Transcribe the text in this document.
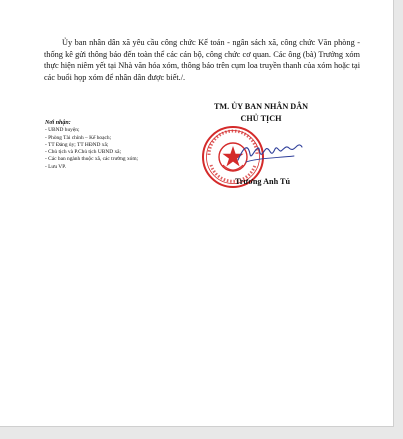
Ủy ban nhân dân xã yêu cầu công chức Kế toán - ngân sách xã, công chức Văn phòng - thống kê gửi thông báo đến toàn thể các cán bộ, công chức cơ quan. Các ông (bà) Trưởng xóm thực hiện niêm yết tại Nhà văn hóa xóm, thông báo trên cụm loa truyền thanh của xóm hoặc tại các buổi họp xóm để nhân dân được biết./.

TM. ỦY BAN NHÂN DÂN
CHỦ TỊCH
Nơi nhận:
- UBND huyện;
- Phòng Tài chính – Kế hoạch;
- TT Đảng ủy; TT HĐND xã;
- Chủ tịch và P.Chủ tịch UBND xã;
- Các ban ngành thuộc xã, các trường xóm;
- Lưu VP.
Trương Anh Tú
